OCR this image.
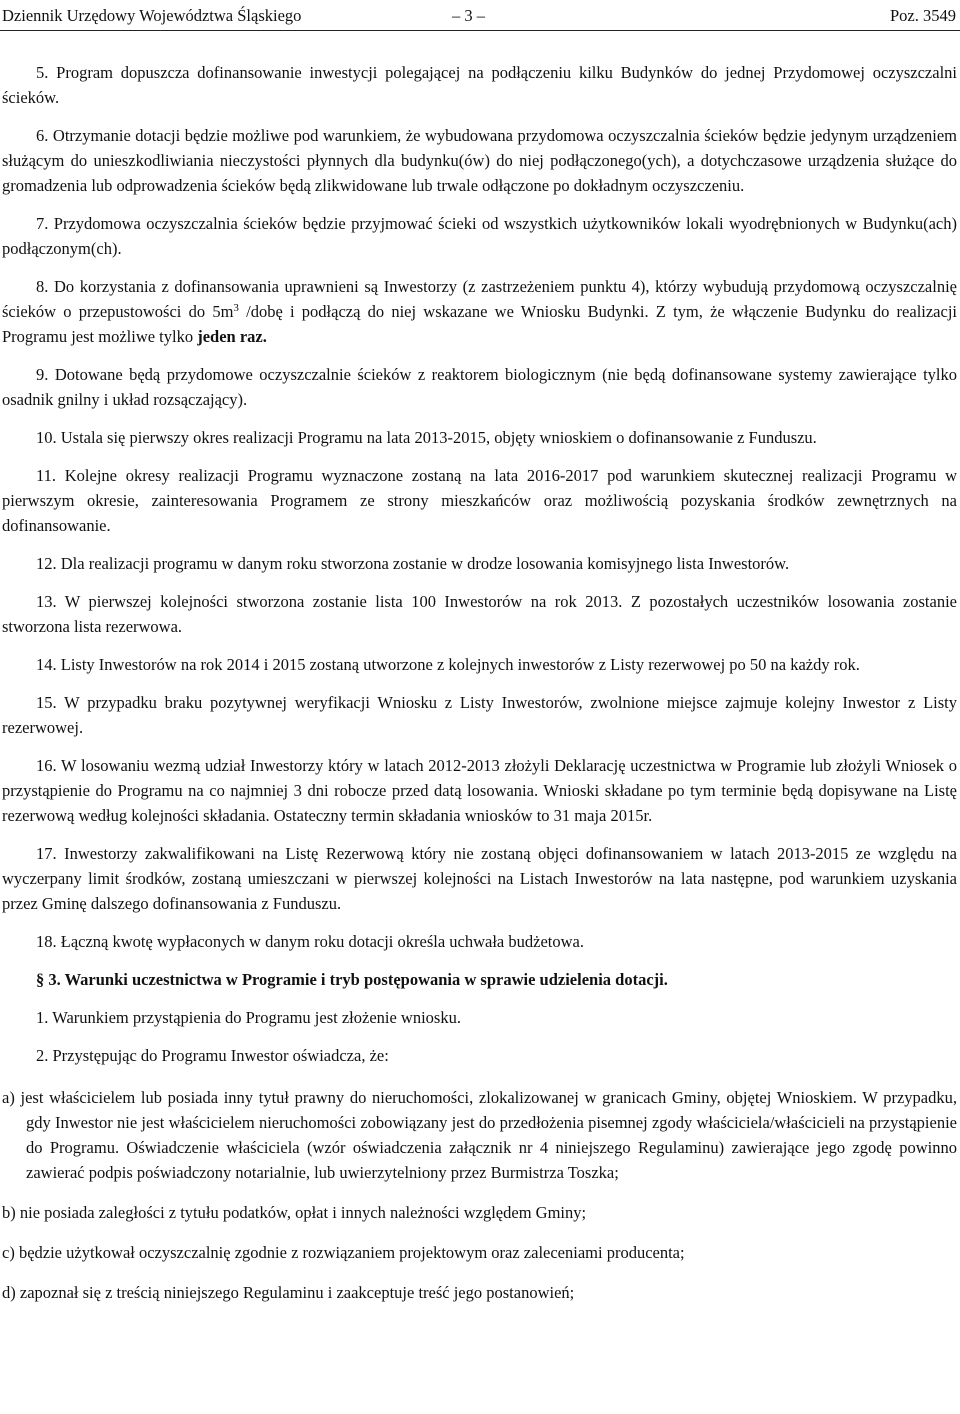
Dziennik Urzędowy Województwa Śląskiego	– 3 –	Poz. 3549

5. Program dopuszcza dofinansowanie inwestycji polegającej na podłączeniu kilku Budynków do jednej Przydomowej oczyszczalni ścieków.

6. Otrzymanie dotacji będzie możliwe pod warunkiem, że wybudowana przydomowa oczyszczalnia ścieków będzie jedynym urządzeniem służącym do unieszkodliwiania nieczystości płynnych dla budynku(ów) do niej podłączonego(ych), a dotychczasowe urządzenia służące do gromadzenia lub odprowadzenia ścieków będą zlikwidowane lub trwale odłączone po dokładnym oczyszczeniu.

7. Przydomowa oczyszczalnia ścieków będzie przyjmować ścieki od wszystkich użytkowników lokali wyodrębnionych w Budynku(ach) podłączonym(ch).

8. Do korzystania z dofinansowania uprawnieni są Inwestorzy (z zastrzeżeniem punktu 4), którzy wybudują przydomową oczyszczalnię ścieków o przepustowości do $5m^3$ /dobę i podłączą do niej wskazane we Wniosku Budynki. Z tym, że włączenie Budynku do realizacji Programu jest możliwe tylko jeden raz.

9. Dotowane będą przydomowe oczyszczalnie ścieków z reaktorem biologicznym (nie będą dofinansowane systemy zawierające tylko osadnik gnilny i układ rozsączający).

10. Ustala się pierwszy okres realizacji Programu na lata 2013-2015, objęty wnioskiem o dofinansowanie z Funduszu.

11. Kolejne okresy realizacji Programu wyznaczone zostaną na lata 2016-2017 pod warunkiem skutecznej realizacji Programu w pierwszym okresie, zainteresowania Programem ze strony mieszkańców oraz możliwością pozyskania środków zewnętrznych na dofinansowanie.

12. Dla realizacji programu w danym roku stworzona zostanie w drodze losowania komisyjnego lista Inwestorów.

13. W pierwszej kolejności stworzona zostanie lista 100 Inwestorów na rok 2013. Z pozostałych uczestników losowania zostanie stworzona lista rezerwowa.

14. Listy Inwestorów na rok 2014 i 2015 zostaną utworzone z kolejnych inwestorów z Listy rezerwowej po 50 na każdy rok.

15. W przypadku braku pozytywnej weryfikacji Wniosku z Listy Inwestorów, zwolnione miejsce zajmuje kolejny Inwestor z Listy rezerwowej.

16. W losowaniu wezmą udział Inwestorzy który w latach 2012-2013 złożyli Deklarację uczestnictwa w Programie lub złożyli Wniosek o przystąpienie do Programu na co najmniej 3 dni robocze przed datą losowania. Wnioski składane po tym terminie będą dopisywane na Listę rezerwową według kolejności składania. Ostateczny termin składania wniosków to 31 maja 2015r.

17. Inwestorzy zakwalifikowani na Listę Rezerwową który nie zostaną objęci dofinansowaniem w latach 2013-2015 ze względu na wyczerpany limit środków, zostaną umieszczani w pierwszej kolejności na Listach Inwestorów na lata następne, pod warunkiem uzyskania przez Gminę dalszego dofinansowania z Funduszu.

18. Łączną kwotę wypłaconych w danym roku dotacji określa uchwała budżetowa.

§ 3. Warunki uczestnictwa w Programie i tryb postępowania w sprawie udzielenia dotacji.

1. Warunkiem przystąpienia do Programu jest złożenie wniosku.

2. Przystępując do Programu Inwestor oświadcza, że:

a) jest właścicielem lub posiada inny tytuł prawny do nieruchomości, zlokalizowanej w granicach Gminy, objętej Wnioskiem. W przypadku, gdy Inwestor nie jest właścicielem nieruchomości zobowiązany jest do przedłożenia pisemnej zgody właściciela/właścicieli na przystąpienie do Programu. Oświadczenie właściciela (wzór oświadczenia załącznik nr 4 niniejszego Regulaminu) zawierające jego zgodę powinno zawierać podpis poświadczony notarialnie, lub uwierzytelniony przez Burmistrza Toszka;

b) nie posiada zaległości z tytułu podatków, opłat i innych należności względem Gminy;

c) będzie użytkował oczyszczalnię zgodnie z rozwiązaniem projektowym oraz zaleceniami producenta;

d) zapoznał się z treścią niniejszego Regulaminu i zaakceptuje treść jego postanowień;
